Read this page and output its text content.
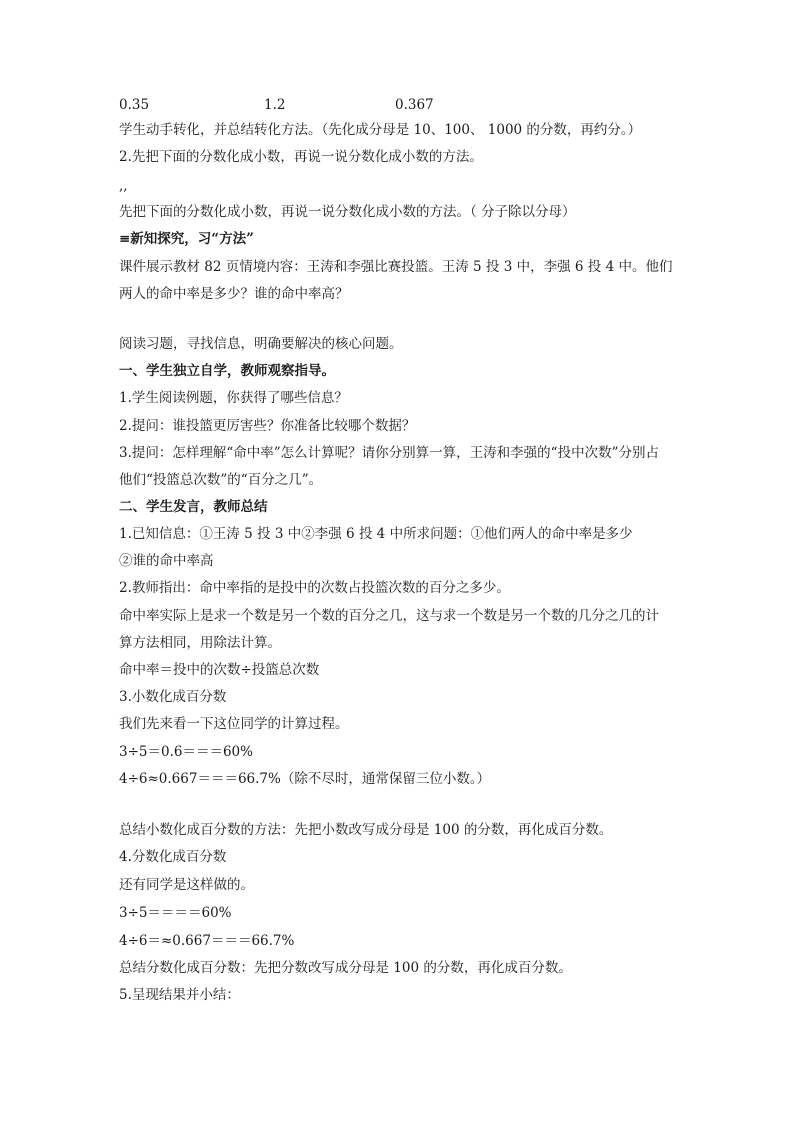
0.35	1.2	0.367
学生动手转化，并总结转化方法。（先化成分母是 10、100、 1000 的分数，再约分。）
2.先把下面的分数化成小数，再说一说分数化成小数的方法。
,,
先把下面的分数化成小数，再说一说分数化成小数的方法。（ 分子除以分母）
≡新知探究，习“方法”
课件展示教材 82 页情境内容：王涛和李强比赛投篮。王涛 5 投 3 中，李强 6 投 4 中。他们
两人的命中率是多少？谁的命中率高？
阅读习题，寻找信息，明确要解决的核心问题。
一、学生独立自学，教师观察指导。
1.学生阅读例题，你获得了哪些信息？
2.提问：谁投篮更厉害些？你准备比较哪个数据？
3.提问：怎样理解“命中率”怎么计算呢？请你分别算一算，王涛和李强的“投中次数”分别占
他们“投篮总次数”的“百分之几”。
二、学生发言，教师总结
1.已知信息：①王涛 5 投 3 中②李强 6 投 4 中所求问题：①他们两人的命中率是多少
②谁的命中率高
2.教师指出：命中率指的是投中的次数占投篮次数的百分之多少。
命中率实际上是求一个数是另一个数的百分之几，这与求一个数是另一个数的几分之几的计
算方法相同，用除法计算。
命中率＝投中的次数÷投篮总次数
3.小数化成百分数
我们先来看一下这位同学的计算过程。
3÷5＝0.6＝＝＝60%
4÷6≈0.667＝＝＝66.7%（除不尽时，通常保留三位小数。）
总结小数化成百分数的方法：先把小数改写成分母是 100 的分数，再化成百分数。
4.分数化成百分数
还有同学是这样做的。
3÷5＝＝＝＝60%
4÷6＝≈0.667＝＝＝66.7%
总结分数化成百分数：先把分数改写成分母是 100 的分数，再化成百分数。
5.呈现结果并小结：
